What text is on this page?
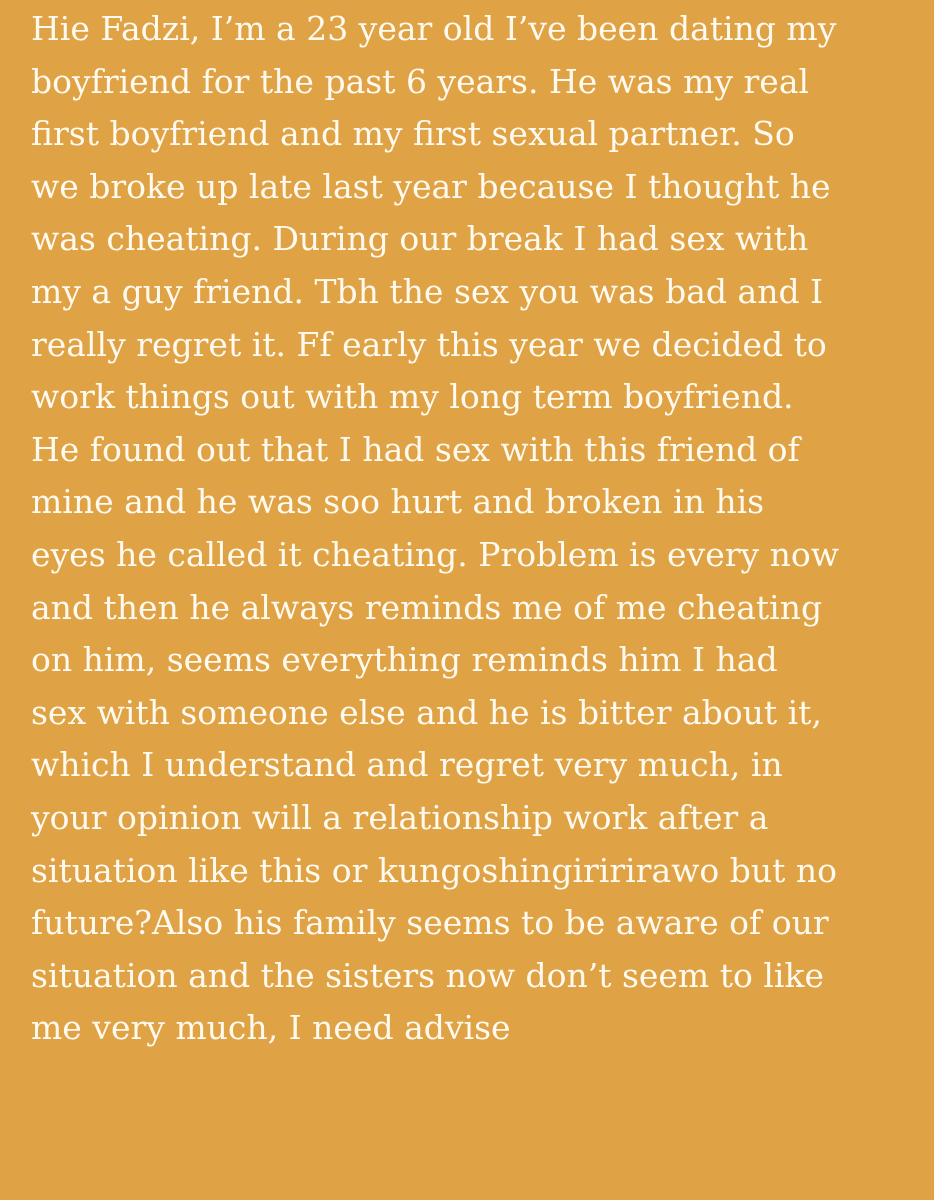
Hie Fadzi, I’m a 23 year old I’ve been dating my
boyfriend for the past 6 years. He was my real
first boyfriend and my first sexual partner. So
we broke up late last year because I thought he
was cheating. During our break I had sex with
my a guy friend. Tbh the sex you was bad and I
really regret it. Ff early this year we decided to
work things out with my long term boyfriend.
He found out that I had sex with this friend of
mine and he was soo hurt and broken in his
eyes he called it cheating. Problem is every now
and then he always reminds me of me cheating
on him, seems everything reminds him I had
sex with someone else and he is bitter about it,
which I understand and regret very much, in
your opinion will a relationship work after a
situation like this or kungoshingiririrawo but no
future?Also his family seems to be aware of our
situation and the sisters now don’t seem to like
me very much, I need advise
